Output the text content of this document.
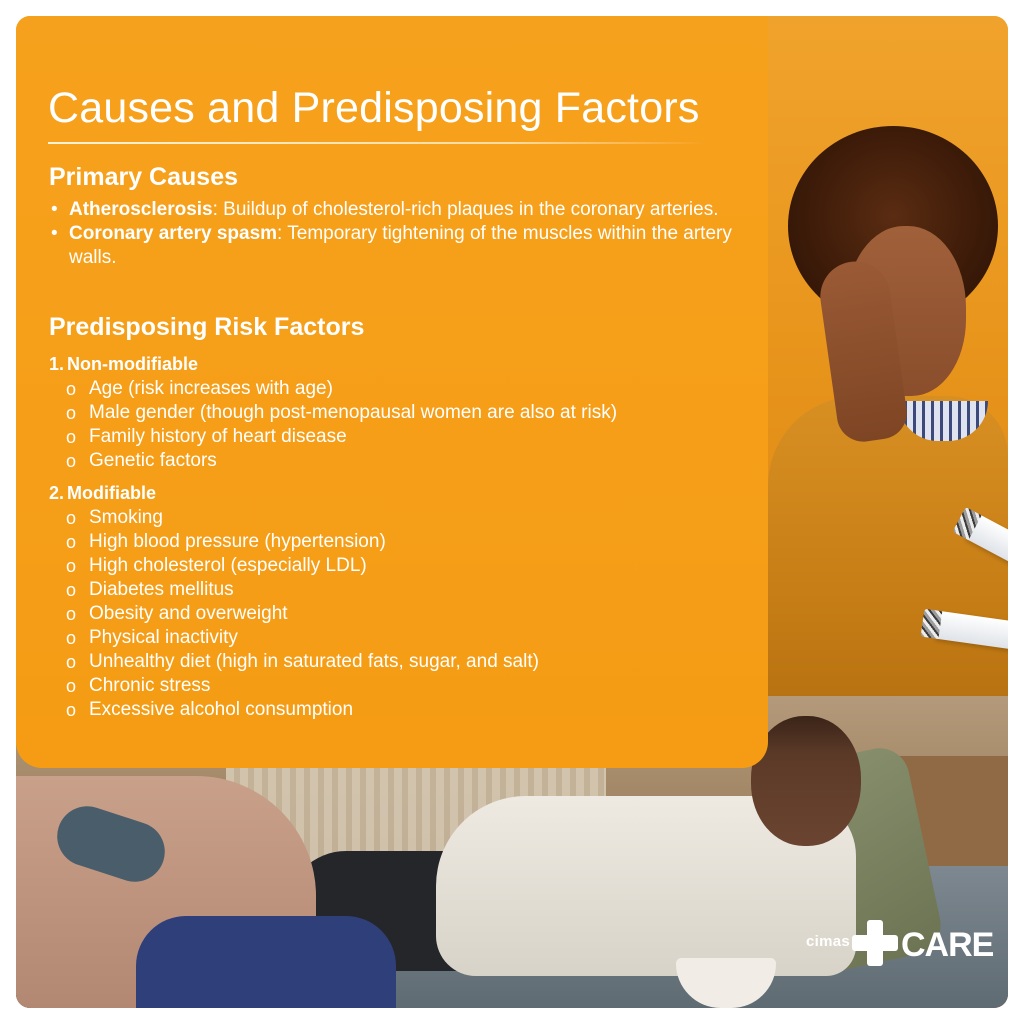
Causes and Predisposing Factors
Primary Causes
• Atherosclerosis: Buildup of cholesterol-rich plaques in the coronary arteries.
• Coronary artery spasm: Temporary tightening of the muscles within the artery walls.
Predisposing Risk Factors
1. Non-modifiable
o Age (risk increases with age)
o Male gender (though post-menopausal women are also at risk)
o Family history of heart disease
o Genetic factors
2. Modifiable
o Smoking
o High blood pressure (hypertension)
o High cholesterol (especially LDL)
o Diabetes mellitus
o Obesity and overweight
o Physical inactivity
o Unhealthy diet (high in saturated fats, sugar, and salt)
o Chronic stress
o Excessive alcohol consumption
cimas CARE
